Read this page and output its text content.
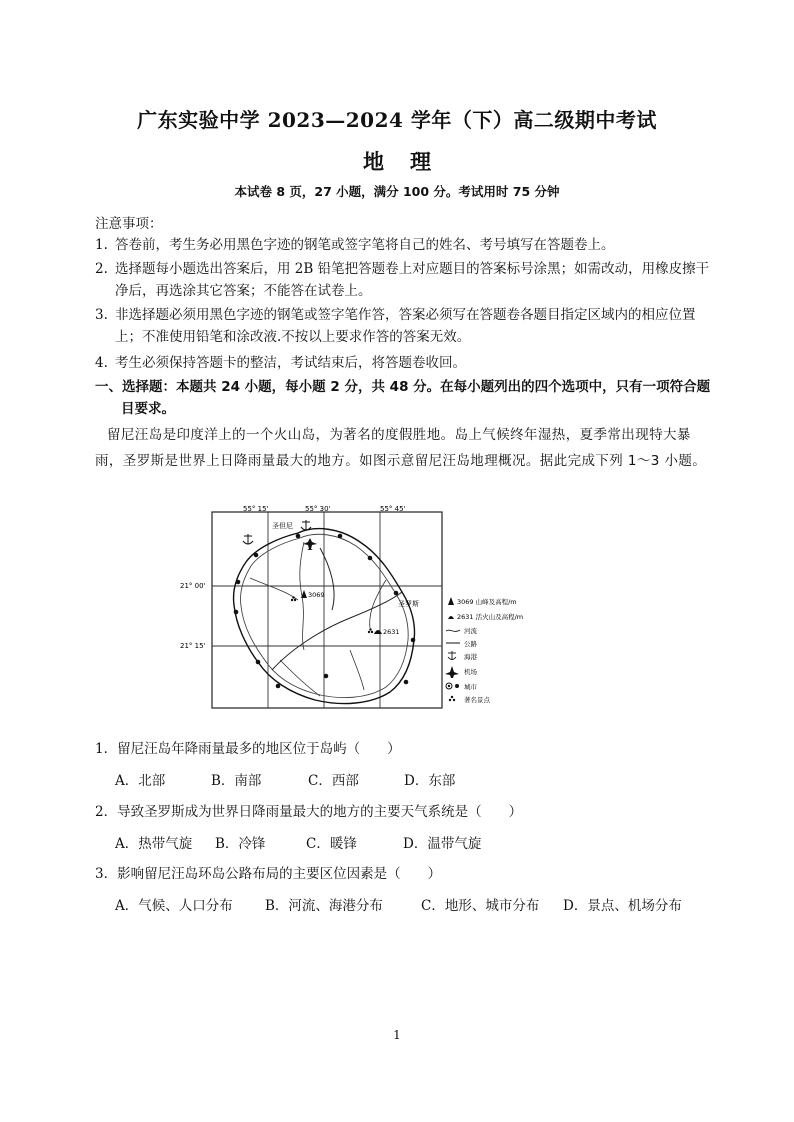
广东实验中学 2023—2024 学年（下）高二级期中考试
地理
本试卷 8 页，27 小题，满分 100 分。考试用时 75 分钟
注意事项：
1. 答卷前，考生务必用黑色字迹的钢笔或签字笔将自己的姓名、考号填写在答题卷上。
2. 选择题每小题选出答案后，用 2B 铅笔把答题卷上对应题目的答案标号涂黑；如需改动，用橡皮擦干净后，再选涂其它答案；不能答在试卷上。
3. 非选择题必须用黑色字迹的钢笔或签字笔作答，答案必须写在答题卷各题目指定区域内的相应位置上；不准使用铅笔和涂改液.不按以上要求作答的答案无效。
4. 考生必须保持答题卡的整洁，考试结束后，将答题卷收回。
一、选择题：本题共 24 小题，每小题 2 分，共 48 分。在每小题列出的四个选项中，只有一项符合题
目要求。
留尼汪岛是印度洋上的一个火山岛，为著名的度假胜地。岛上气候终年湿热，夏季常出现特大暴雨，圣罗斯是世界上日降雨量最大的地方。如图示意留尼汪岛地理概况。据此完成下列 1～3 小题。
55° 15'	55° 30'	55° 45'
21° 00'
21° 15'
圣但尼
圣罗斯
3069
2631
3069 山峰及高程/m
2631 活火山及高程/m
河流
公路
海港
机场
城市
著名景点
1．留尼汪岛年降雨量最多的地区位于岛屿（　　）
A．北部	B．南部	C．西部	D．东部
2．导致圣罗斯成为世界日降雨量最大的地方的主要天气系统是（　　）
A．热带气旋 B．冷锋	C．暖锋	D．温带气旋
3．影响留尼汪岛环岛公路布局的主要区位因素是（　　）
A．气候、人口分布 B．河流、海港分布	C．地形、城市分布 D．景点、机场分布
1
